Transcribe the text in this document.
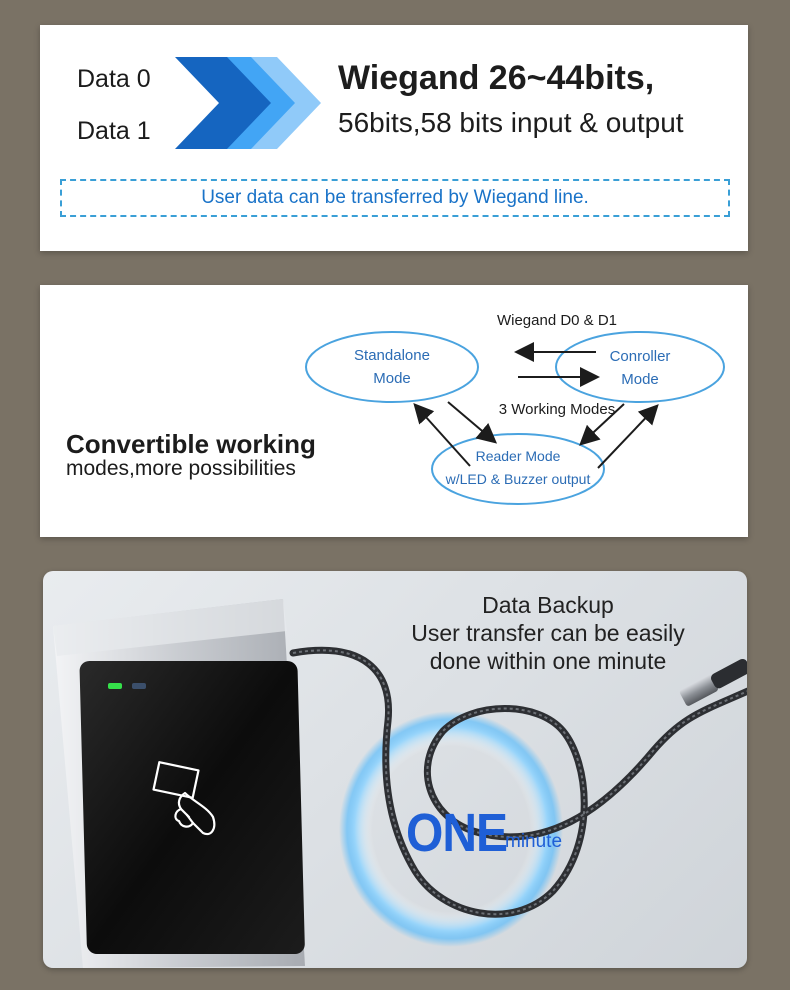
Data 0
Data 1
Wiegand 26~44bits,
56bits,58 bits input & output
User data can be transferred by Wiegand line.
Convertible working
modes,more possibilities
Wiegand D0 & D1
3 Working Modes
Standalone
Mode
Conroller
Mode
Reader Mode
w/LED & Buzzer output
Data Backup
User transfer can be easily
done within one minute
ONE
minute
